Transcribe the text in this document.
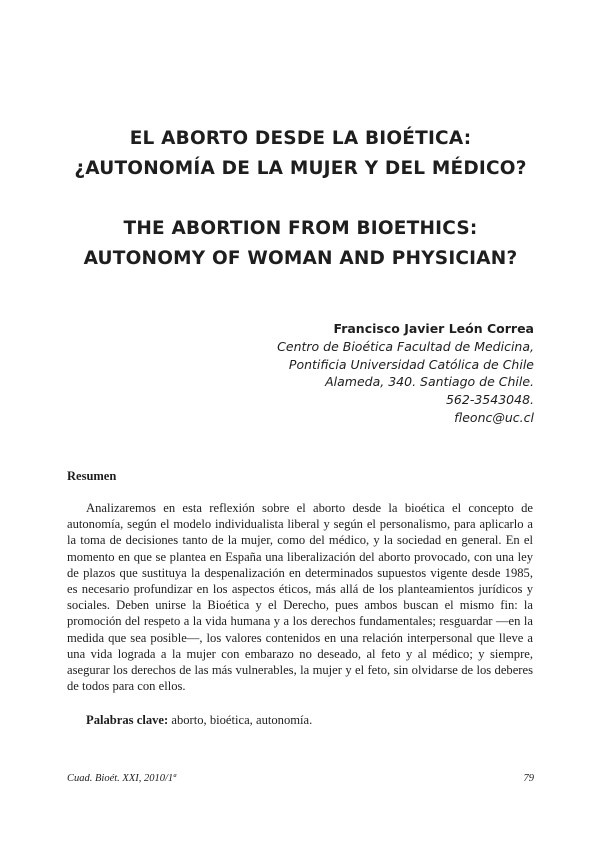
EL ABORTO DESDE LA BIOÉTICA:
¿AUTONOMÍA DE LA MUJER Y DEL MÉDICO?
THE ABORTION FROM BIOETHICS:
AUTONOMY OF WOMAN AND PHYSICIAN?
Francisco Javier León Correa
Centro de Bioética Facultad de Medicina,
Pontificia Universidad Católica de Chile
Alameda, 340. Santiago de Chile.
562-3543048.
fleonc@uc.cl
Resumen

Analizaremos en esta reflexión sobre el aborto desde la bioética el concepto de autonomía, según el modelo individualista liberal y según el personalismo, para aplicarlo a la toma de decisiones tanto de la mujer, como del médico, y la sociedad en general. En el momento en que se plantea en España una liberalización del aborto provocado, con una ley de plazos que sustituya la despenalización en determinados supuestos vigente desde 1985, es necesario profundizar en los aspectos éticos, más allá de los planteamientos jurídicos y sociales. Deben unirse la Bioética y el Derecho, pues ambos buscan el mismo fin: la promoción del respeto a la vida humana y a los derechos fundamentales; resguardar —en la medida que sea posible—, los valores contenidos en una relación interpersonal que lleve a una vida lograda a la mujer con embarazo no deseado, al feto y al médico; y siempre, asegurar los derechos de las más vulnerables, la mujer y el feto, sin olvidarse de los deberes de todos para con ellos.

Palabras clave: aborto, bioética, autonomía.

Cuad. Bioét. XXI, 2010/1ª	79
